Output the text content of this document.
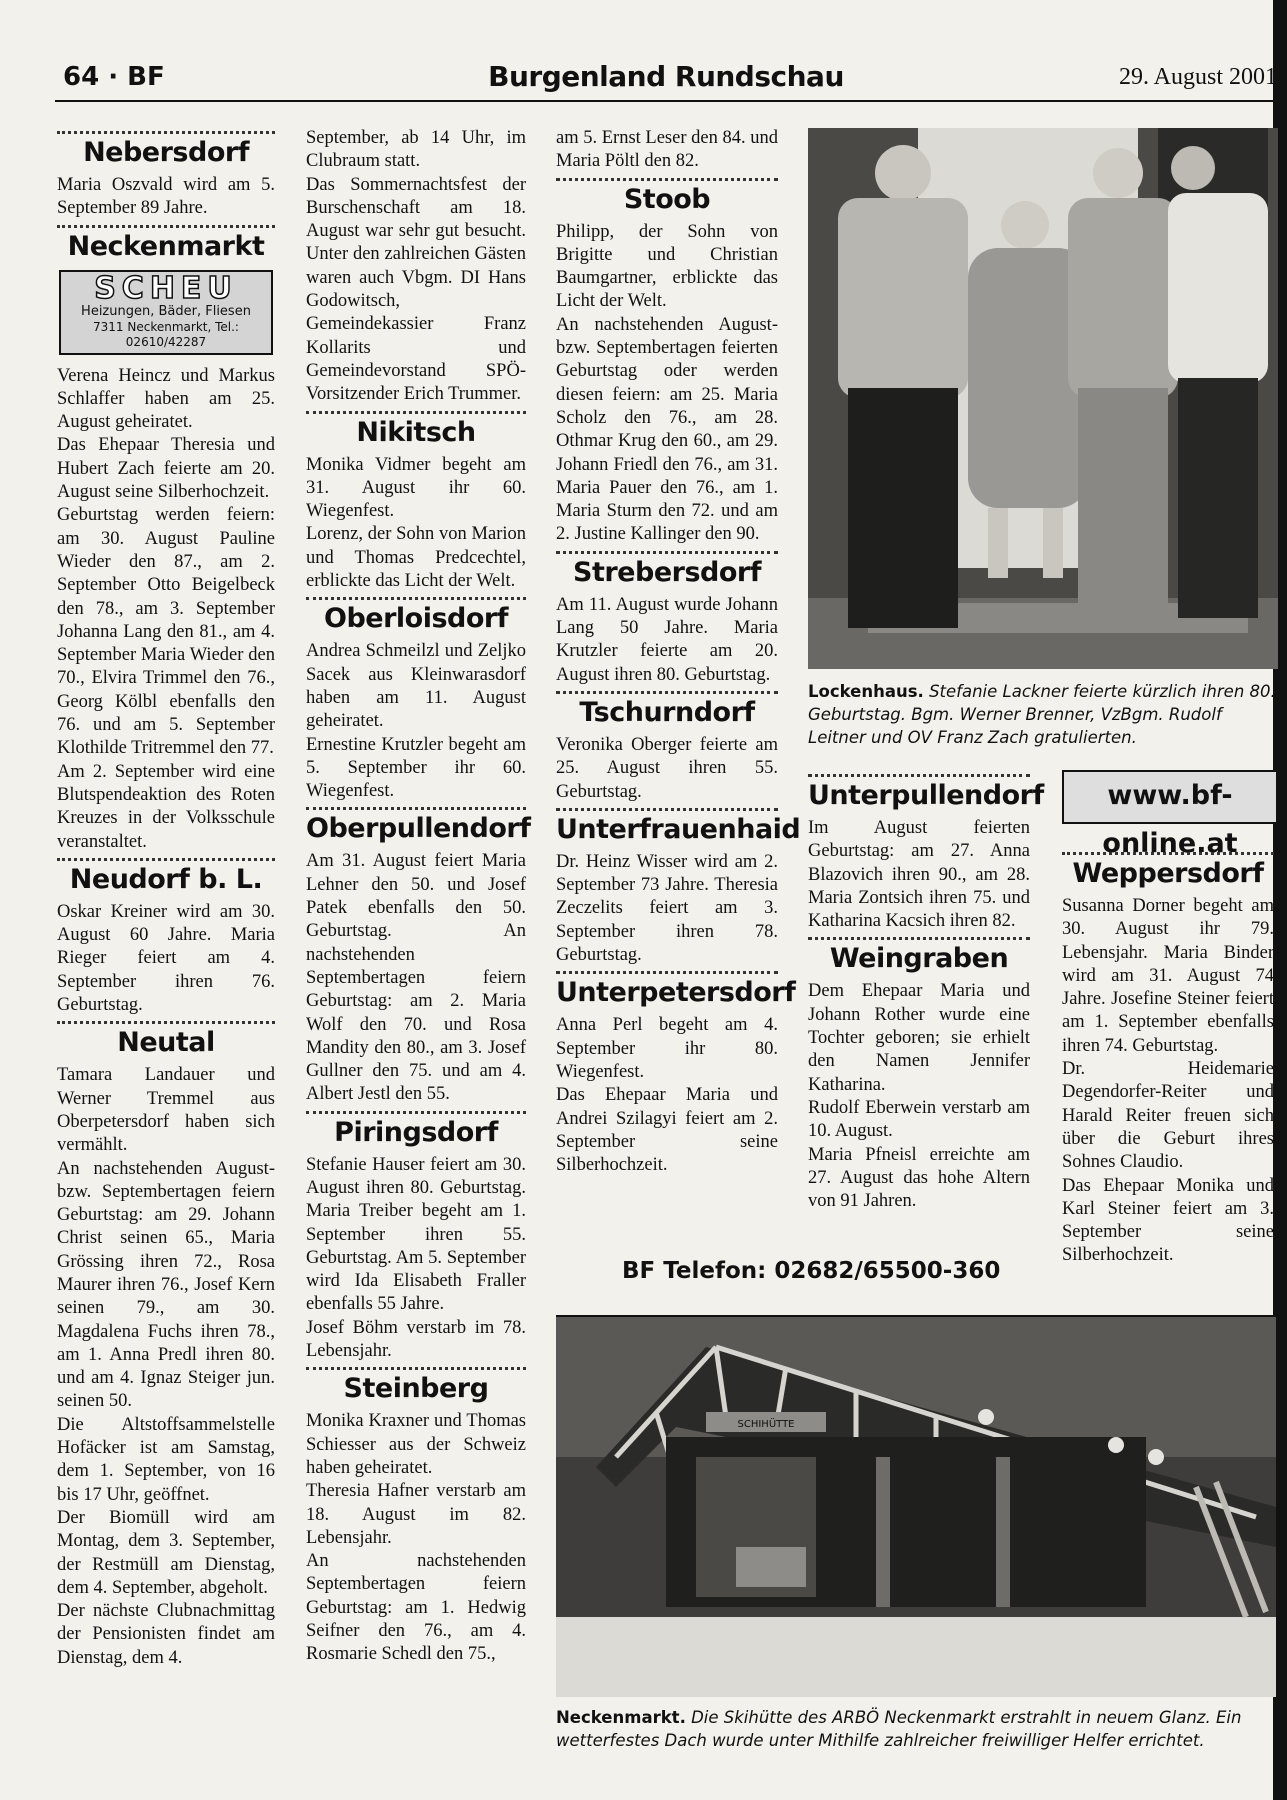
64 · BF	Burgenland Rundschau	29. August 2001
Nebersdorf

Maria Oszvald wird am 5. September 89 Jahre.

Neckenmarkt
SCHEU
Heizungen, Bäder, Fliesen
7311 Neckenmarkt, Tel.: 02610/42287

Verena Heincz und Markus Schlaffer haben am 25. August geheiratet.

Das Ehepaar Theresia und Hubert Zach feierte am 20. August seine Silberhochzeit.

Geburtstag werden feiern: am 30. August Pauline Wieder den 87., am 2. September Otto Beigelbeck den 78., am 3. September Johanna Lang den 81., am 4. September Maria Wieder den 70., Elvira Trimmel den 76., Georg Kölbl ebenfalls den 76. und am 5. September Klothilde Tritremmel den 77.

Am 2. September wird eine Blutspendeaktion des Roten Kreuzes in der Volksschule veranstaltet.

Neudorf b. L.

Oskar Kreiner wird am 30. August 60 Jahre. Maria Rieger feiert am 4. September ihren 76. Geburtstag.

Neutal

Tamara Landauer und Werner Tremmel aus Oberpetersdorf haben sich vermählt.

An nachstehenden August- bzw. Septembertagen feiern Geburtstag: am 29. Johann Christ seinen 65., Maria Grössing ihren 72., Rosa Maurer ihren 76., Josef Kern seinen 79., am 30. Magdalena Fuchs ihren 78., am 1. Anna Predl ihren 80. und am 4. Ignaz Steiger jun. seinen 50.

Die Altstoffsammelstelle Hofäcker ist am Samstag, dem 1. September, von 16 bis 17 Uhr, geöffnet.

Der Biomüll wird am Montag, dem 3. September, der Restmüll am Dienstag, dem 4. September, abgeholt.

Der nächste Clubnachmittag der Pensionisten findet am Dienstag, dem 4.

September, ab 14 Uhr, im Clubraum statt.

Das Sommernachtsfest der Burschenschaft am 18. August war sehr gut besucht. Unter den zahlreichen Gästen waren auch Vbgm. DI Hans Godowitsch, Gemeindekassier Franz Kollarits und Gemeindevorstand SPÖ-Vorsitzender Erich Trummer.

Nikitsch

Monika Vidmer begeht am 31. August ihr 60. Wiegenfest.

Lorenz, der Sohn von Marion und Thomas Predcechtel, erblickte das Licht der Welt.

Oberloisdorf

Andrea Schmeilzl und Zeljko Sacek aus Kleinwarasdorf haben am 11. August geheiratet.

Ernestine Krutzler begeht am 5. September ihr 60. Wiegenfest.

Oberpullendorf

Am 31. August feiert Maria Lehner den 50. und Josef Patek ebenfalls den 50. Geburtstag. An nachstehenden Septembertagen feiern Geburtstag: am 2. Maria Wolf den 70. und Rosa Mandity den 80., am 3. Josef Gullner den 75. und am 4. Albert Jestl den 55.

Piringsdorf

Stefanie Hauser feiert am 30. August ihren 80. Geburtstag. Maria Treiber begeht am 1. September ihren 55. Geburtstag. Am 5. September wird Ida Elisabeth Fraller ebenfalls 55 Jahre.

Josef Böhm verstarb im 78. Lebensjahr.

Steinberg

Monika Kraxner und Thomas Schiesser aus der Schweiz haben geheiratet.

Theresia Hafner verstarb am 18. August im 82. Lebensjahr.

An nachstehenden Septembertagen feiern Geburtstag: am 1. Hedwig Seifner den 76., am 4. Rosmarie Schedl den 75.,

am 5. Ernst Leser den 84. und Maria Pöltl den 82.

Stoob

Philipp, der Sohn von Brigitte und Christian Baumgartner, erblickte das Licht der Welt.

An nachstehenden August- bzw. Septembertagen feierten Geburtstag oder werden diesen feiern: am 25. Maria Scholz den 76., am 28. Othmar Krug den 60., am 29. Johann Friedl den 76., am 31. Maria Pauer den 76., am 1. Maria Sturm den 72. und am 2. Justine Kallinger den 90.

Strebersdorf

Am 11. August wurde Johann Lang 50 Jahre. Maria Krutzler feierte am 20. August ihren 80. Geburtstag.

Tschurndorf

Veronika Oberger feierte am 25. August ihren 55. Geburtstag.

Unterfrauenhaid

Dr. Heinz Wisser wird am 2. September 73 Jahre. Theresia Zeczelits feiert am 3. September ihren 78. Geburtstag.

Unterpetersdorf

Anna Perl begeht am 4. September ihr 80. Wiegenfest.

Das Ehepaar Maria und Andrei Szilagyi feiert am 2. September seine Silberhochzeit.

Lockenhaus. Stefanie Lackner feierte kürzlich ihren 80. Geburtstag. Bgm. Werner Brenner, VzBgm. Rudolf Leitner und OV Franz Zach gratulierten.
Unterpullendorf

Im August feierten Geburtstag: am 27. Anna Blazovich ihren 90., am 28. Maria Zontsich ihren 75. und Katharina Kacsich ihren 82.

Weingraben

Dem Ehepaar Maria und Johann Rother wurde eine Tochter geboren; sie erhielt den Namen Jennifer Katharina.

Rudolf Eberwein verstarb am 10. August.

Maria Pfneisl erreichte am 27. August das hohe Altern von 91 Jahren.

www.bf-online.at
Weppersdorf

Susanna Dorner begeht am 30. August ihr 79. Lebensjahr. Maria Binder wird am 31. August 74 Jahre. Josefine Steiner feiert am 1. September ebenfalls ihren 74. Geburtstag.

Dr. Heidemarie Degendorfer-Reiter und Harald Reiter freuen sich über die Geburt ihres Sohnes Claudio.

Das Ehepaar Monika und Karl Steiner feiert am 3. September seine Silberhochzeit.

BF Telefon: 02682/65500-360
SCHIHÜTTE
Neckenmarkt. Die Skihütte des ARBÖ Neckenmarkt erstrahlt in neuem Glanz. Ein wetterfestes Dach wurde unter Mithilfe zahlreicher freiwilliger Helfer errichtet.
